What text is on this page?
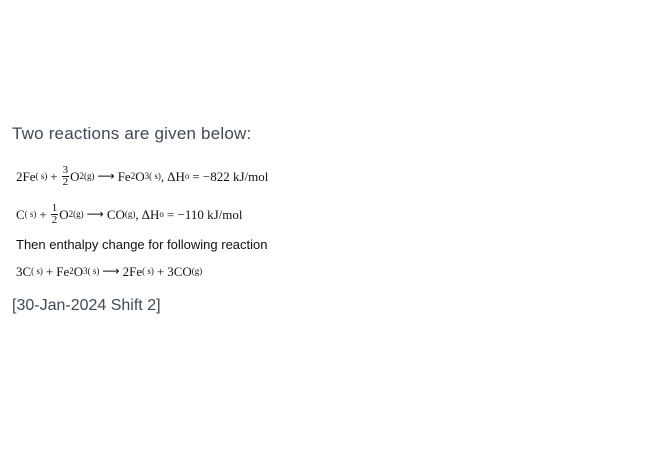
Two reactions are given below:
2Fe ( $s) + \frac{3}{2}$ O 2(g) ⟶ Fe 2 O 3( s) , ΔH o = −822 kJ/mol
C ( $s) + \frac{1}{2}$ O 2(g) ⟶ CO (g) , ΔH o = −110 kJ/mol
Then enthalpy change for following reaction
3C ( s) + Fe 2 O 3( s) ⟶ 2Fe ( s) + 3CO (g)
[30-Jan-2024 Shift 2]
